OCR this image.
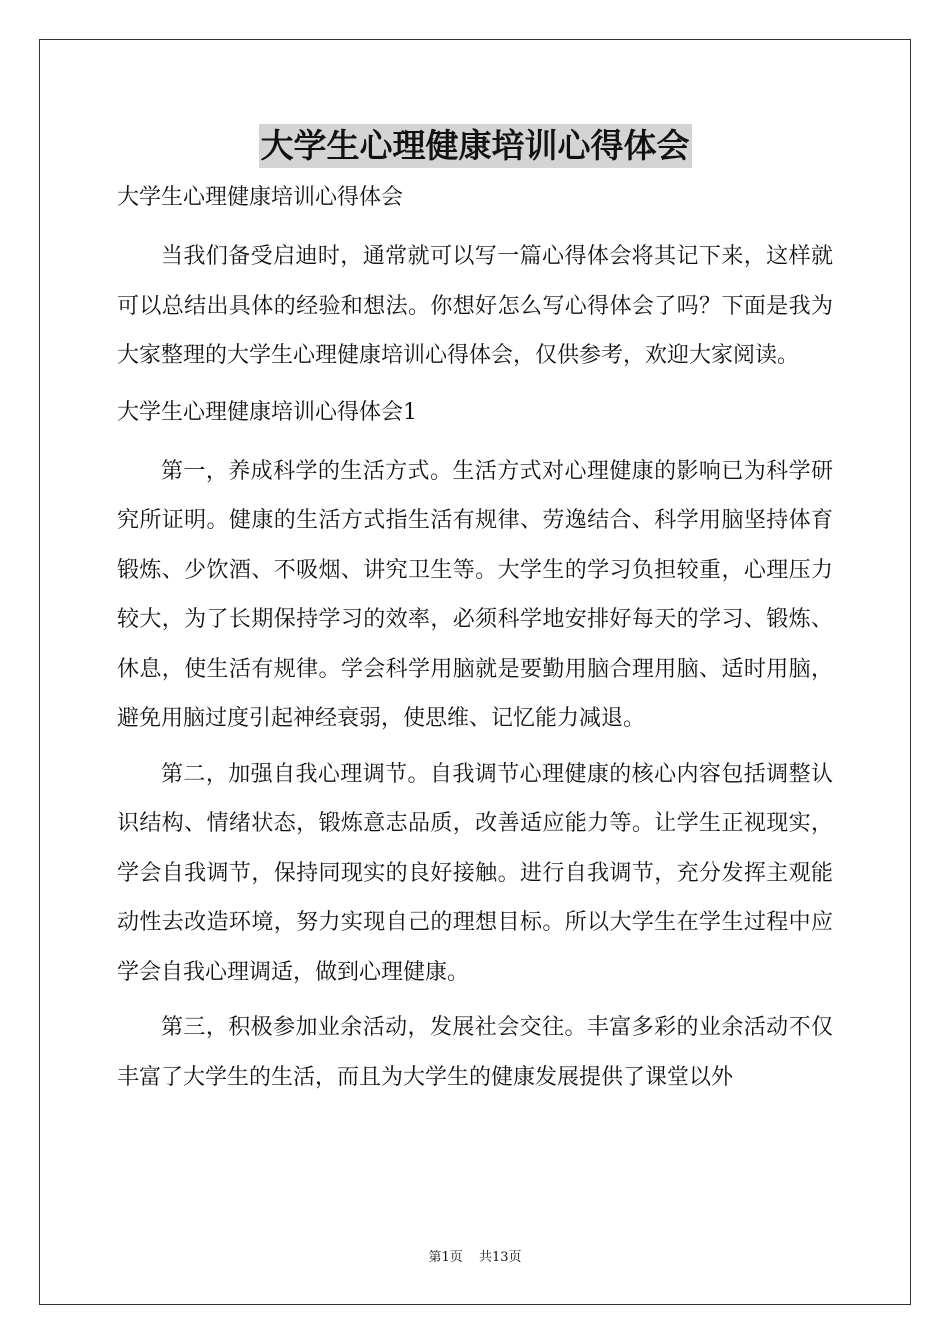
大学生心理健康培训心得体会
大学生心理健康培训心得体会

当我们备受启迪时，通常就可以写一篇心得体会将其记下来，这样就可以总结出具体的经验和想法。你想好怎么写心得体会了吗？下面是我为大家整理的大学生心理健康培训心得体会，仅供参考，欢迎大家阅读。

大学生心理健康培训心得体会1

第一，养成科学的生活方式。生活方式对心理健康的影响已为科学研究所证明。健康的生活方式指生活有规律、劳逸结合、科学用脑坚持体育锻炼、少饮酒、不吸烟、讲究卫生等。大学生的学习负担较重，心理压力较大，为了长期保持学习的效率，必须科学地安排好每天的学习、锻炼、休息，使生活有规律。学会科学用脑就是要勤用脑合理用脑、适时用脑，避免用脑过度引起神经衰弱，使思维、记忆能力减退。

第二，加强自我心理调节。自我调节心理健康的核心内容包括调整认识结构、情绪状态，锻炼意志品质，改善适应能力等。让学生正视现实，学会自我调节，保持同现实的良好接触。进行自我调节，充分发挥主观能动性去改造环境，努力实现自己的理想目标。所以大学生在学生过程中应学会自我心理调适，做到心理健康。

第三，积极参加业余活动，发展社会交往。丰富多彩的业余活动不仅丰富了大学生的生活，而且为大学生的健康发展提供了课堂以外

第1页 共13页
